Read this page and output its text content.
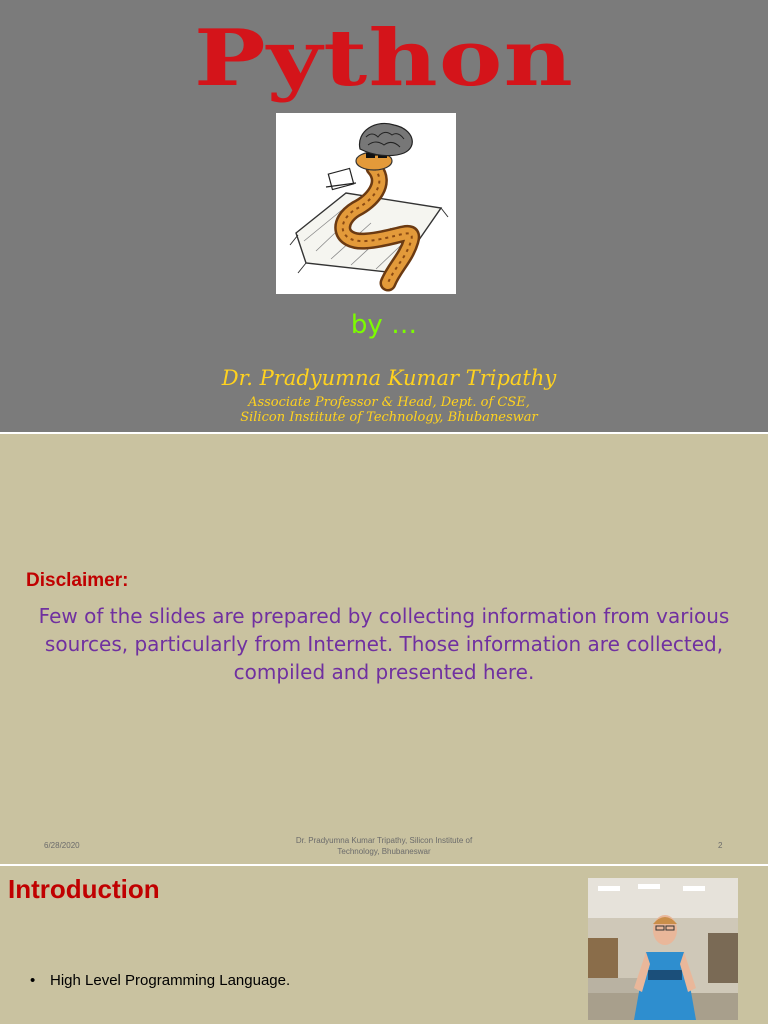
Python
by …
Dr. Pradyumna Kumar Tripathy
Associate Professor & Head, Dept. of CSE,
Silicon Institute of Technology, Bhubaneswar
Disclaimer:
Few of the slides are prepared by collecting information from various sources, particularly from Internet. Those information are collected, compiled and presented here.
6/28/2020
Dr. Pradyumna Kumar Tripathy, Silicon Institute of
Technology, Bhubaneswar
2
Introduction
• High Level Programming Language.
